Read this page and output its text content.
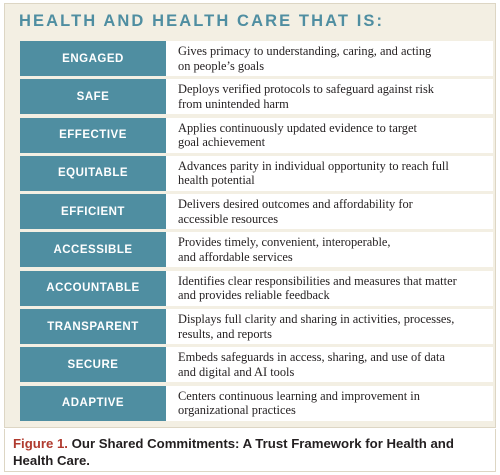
HEALTH AND HEALTH CARE THAT IS:
ENGAGED
Gives primacy to understanding, caring, and acting
on people’s goals
SAFE
Deploys verified protocols to safeguard against risk
from unintended harm
EFFECTIVE
Applies continuously updated evidence to target
goal achievement
EQUITABLE
Advances parity in individual opportunity to reach full
health potential
EFFICIENT
Delivers desired outcomes and affordability for
accessible resources
ACCESSIBLE
Provides timely, convenient, interoperable,
and affordable services
ACCOUNTABLE
Identifies clear responsibilities and measures that matter
and provides reliable feedback
TRANSPARENT
Displays full clarity and sharing in activities, processes,
results, and reports
SECURE
Embeds safeguards in access, sharing, and use of data
and digital and AI tools
ADAPTIVE
Centers continuous learning and improvement in
organizational practices
Figure 1. Our Shared Commitments: A Trust Framework for Health and Health Care.
